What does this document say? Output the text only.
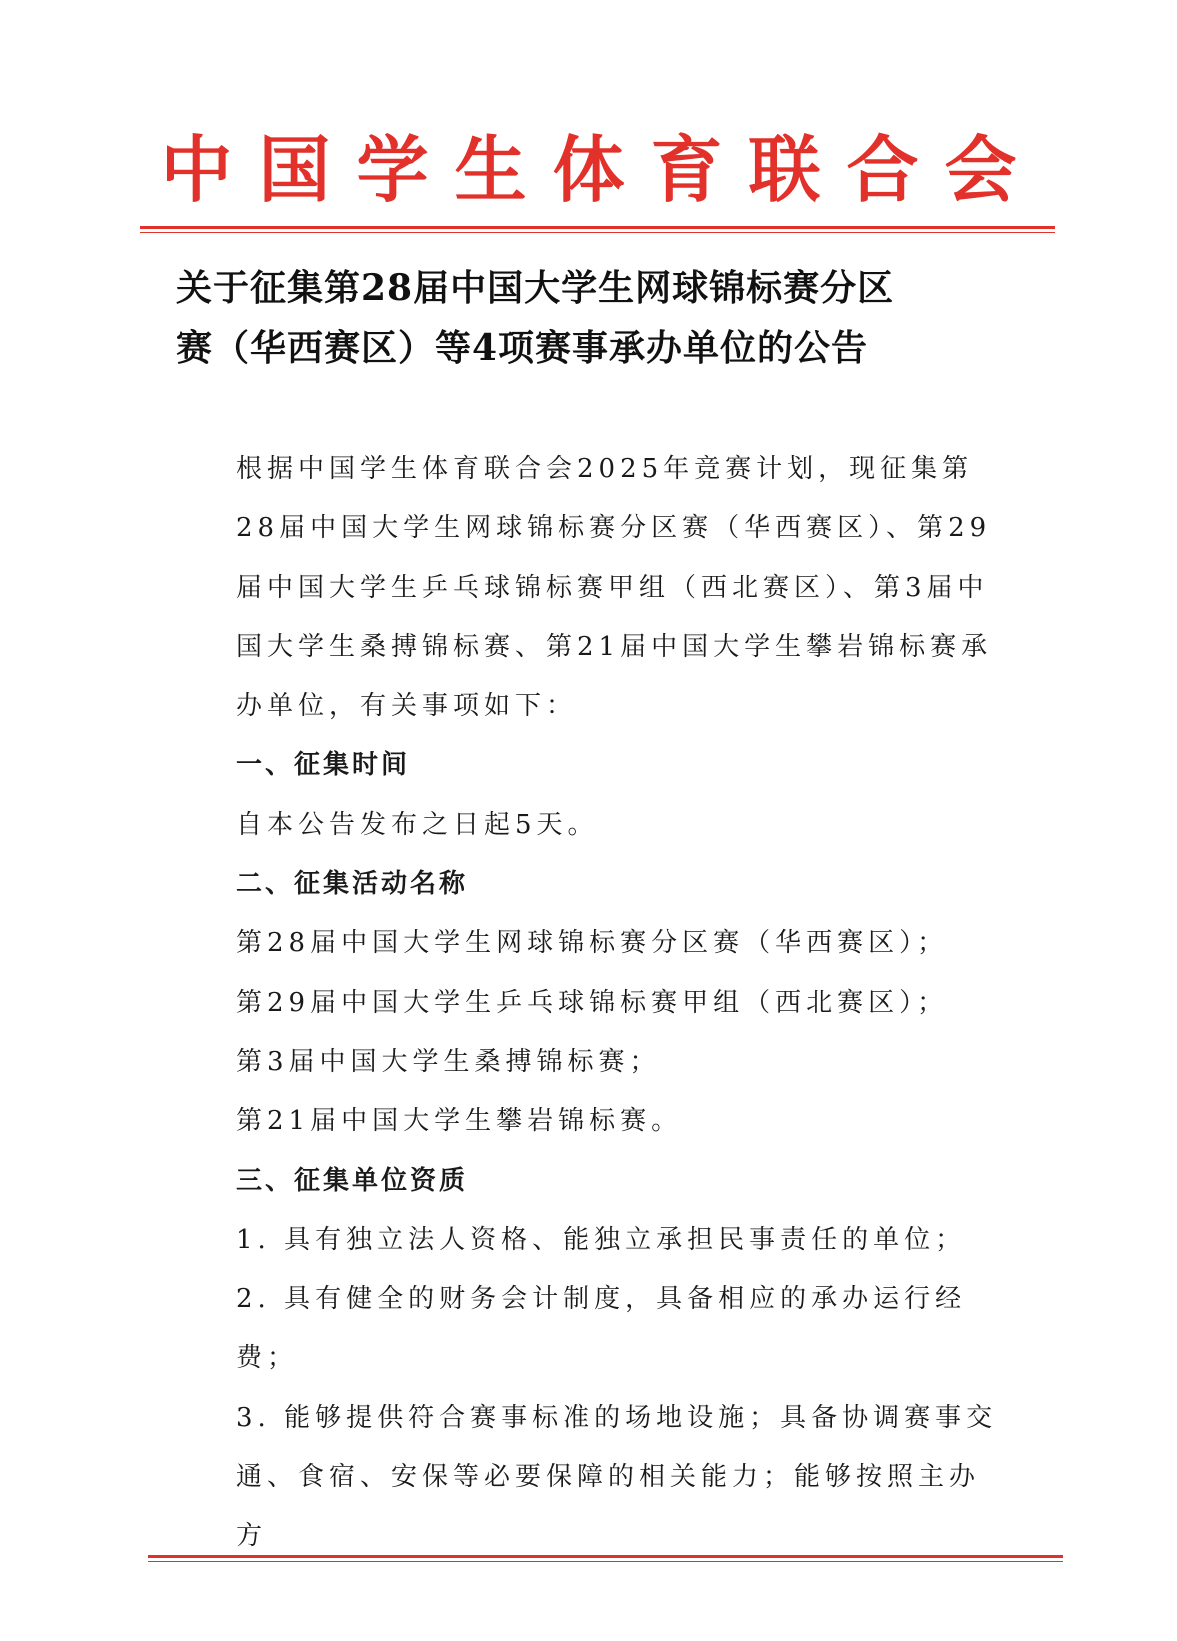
中国学生体育联合会
关于征集第28届中国大学生网球锦标赛分区
赛（华西赛区）等4项赛事承办单位的公告

根据中国学生体育联合会2025年竞赛计划，现征集第28届中国大学生网球锦标赛分区赛（华西赛区）、第29届中国大学生乒乓球锦标赛甲组（西北赛区）、第3届中国大学生桑搏锦标赛、第21届中国大学生攀岩锦标赛承办单位，有关事项如下：

一、征集时间

自本公告发布之日起5天。

二、征集活动名称

第28届中国大学生网球锦标赛分区赛（华西赛区）；

第29届中国大学生乒乓球锦标赛甲组（西北赛区）；

第3届中国大学生桑搏锦标赛；

第21届中国大学生攀岩锦标赛。

三、征集单位资质

1. 具有独立法人资格、能独立承担民事责任的单位；

2. 具有健全的财务会计制度，具备相应的承办运行经费；

3. 能够提供符合赛事标准的场地设施；具备协调赛事交通、食宿、安保等必要保障的相关能力；能够按照主办方
